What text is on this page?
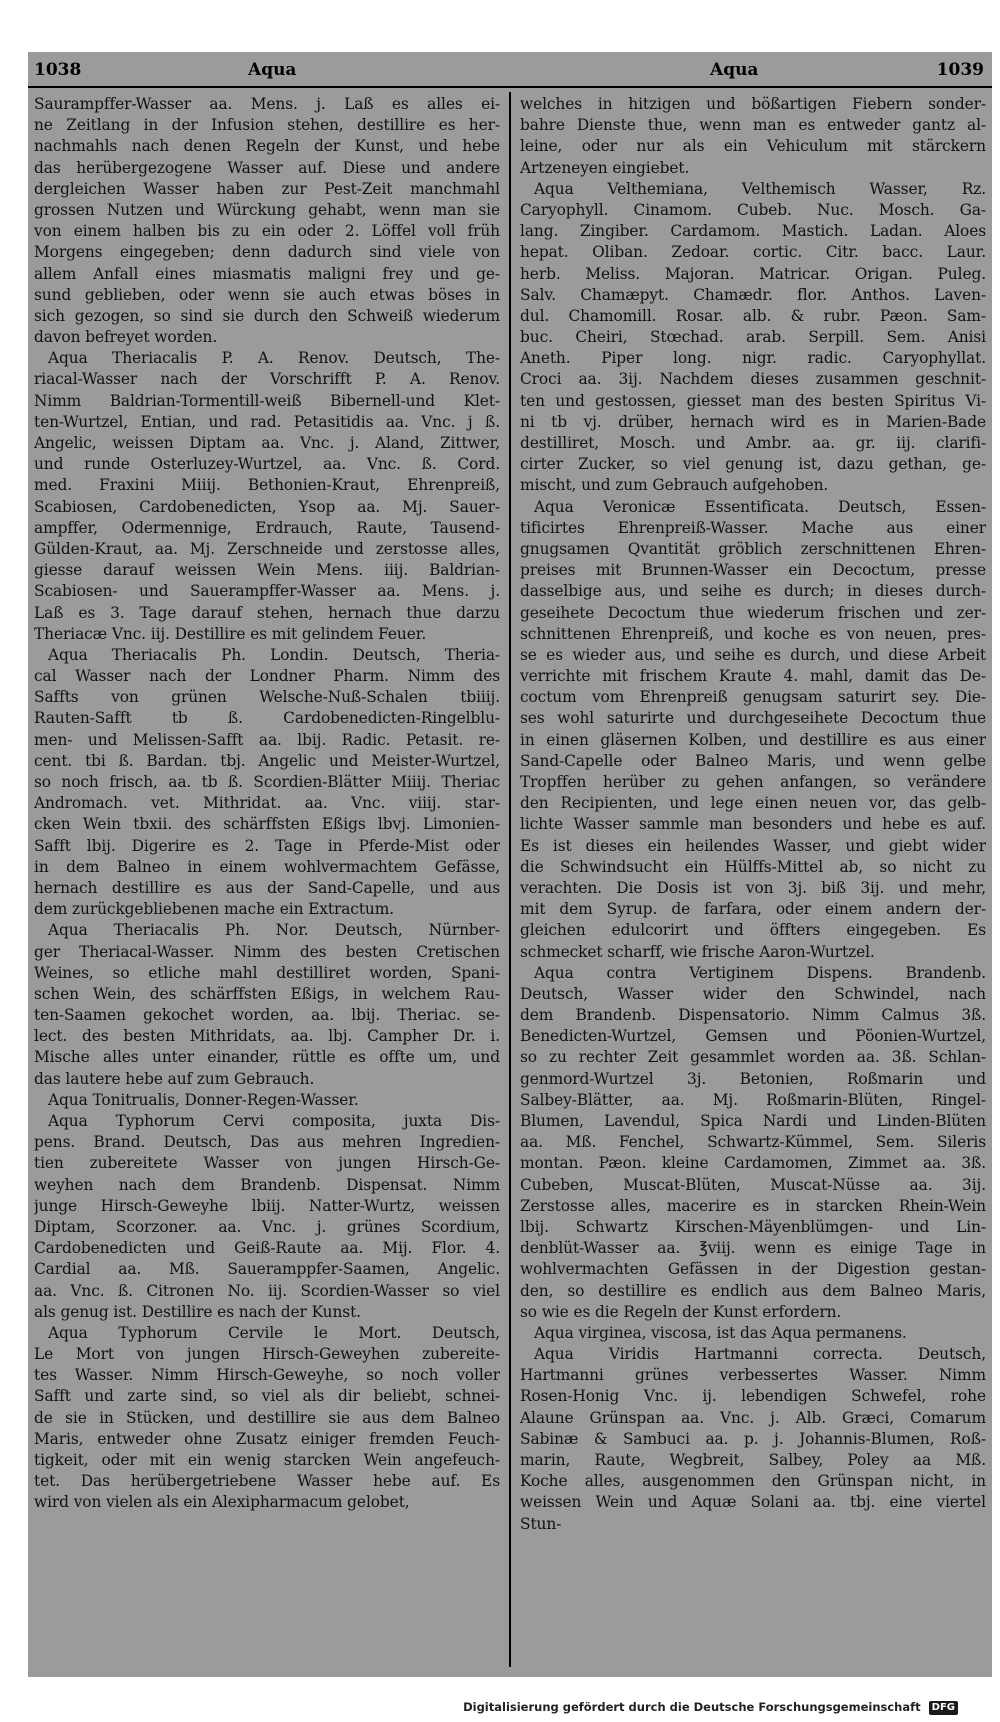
1038	Aqua	Aqua	1039
Saurampffer-Wasser aa. Mens. j. Laß es alles ei-
ne Zeitlang in der Infusion stehen, destillire es her-
nachmahls nach denen Regeln der Kunst, und hebe
das herübergezogene Wasser auf. Diese und andere
dergleichen Wasser haben zur Pest-Zeit manchmahl
grossen Nutzen und Würckung gehabt, wenn man sie
von einem halben bis zu ein oder 2. Löffel voll früh
Morgens eingegeben; denn dadurch sind viele von
allem Anfall eines miasmatis maligni frey und ge-
sund geblieben, oder wenn sie auch etwas böses in
sich gezogen, so sind sie durch den Schweiß wiederum
davon befreyet worden.
Aqua Theriacalis P. A. Renov. Deutsch, The-
riacal-Wasser nach der Vorschrifft P. A. Renov.
Nimm Baldrian-Tormentill-weiß Bibernell-und Klet-
ten-Wurtzel, Entian, und rad. Petasitidis aa. Vnc. j ß.
Angelic, weissen Diptam aa. Vnc. j. Aland, Zittwer,
und runde Osterluzey-Wurtzel, aa. Vnc. ß. Cord.
med. Fraxini Miiij. Bethonien-Kraut, Ehrenpreiß,
Scabiosen, Cardobenedicten, Ysop aa. Mj. Sauer-
ampffer, Odermennige, Erdrauch, Raute, Tausend-
Gülden-Kraut, aa. Mj. Zerschneide und zerstosse alles,
giesse darauf weissen Wein Mens. iiij. Baldrian-
Scabiosen- und Sauerampffer-Wasser aa. Mens. j.
Laß es 3. Tage darauf stehen, hernach thue darzu
Theriacæ Vnc. iij. Destillire es mit gelindem Feuer.
Aqua Theriacalis Ph. Londin. Deutsch, Theria-
cal Wasser nach der Londner Pharm. Nimm des
Saffts von grünen Welsche-Nuß-Schalen tbiiij.
Rauten-Safft tb ß. Cardobenedicten-Ringelblu-
men- und Melissen-Safft aa. lbij. Radic. Petasit. re-
cent. tbi ß. Bardan. tbj. Angelic und Meister-Wurtzel,
so noch frisch, aa. tb ß. Scordien-Blätter Miiij. Theriac
Andromach. vet. Mithridat. aa. Vnc. viiij. star-
cken Wein tbxii. des schärffsten Eßigs lbvj. Limonien-
Safft lbij. Digerire es 2. Tage in Pferde-Mist oder
in dem Balneo in einem wohlvermachtem Gefässe,
hernach destillire es aus der Sand-Capelle, und aus
dem zurückgebliebenen mache ein Extractum.
Aqua Theriacalis Ph. Nor. Deutsch, Nürnber-
ger Theriacal-Wasser. Nimm des besten Cretischen
Weines, so etliche mahl destilliret worden, Spani-
schen Wein, des schärffsten Eßigs, in welchem Rau-
ten-Saamen gekochet worden, aa. lbij. Theriac. se-
lect. des besten Mithridats, aa. lbj. Campher Dr. i.
Mische alles unter einander, rüttle es offte um, und
das lautere hebe auf zum Gebrauch.
Aqua Tonitrualis, Donner-Regen-Wasser.
Aqua Typhorum Cervi composita, juxta Dis-
pens. Brand. Deutsch, Das aus mehren Ingredien-
tien zubereitete Wasser von jungen Hirsch-Ge-
weyhen nach dem Brandenb. Dispensat. Nimm
junge Hirsch-Geweyhe lbiij. Natter-Wurtz, weissen
Diptam, Scorzoner. aa. Vnc. j. grünes Scordium,
Cardobenedicten und Geiß-Raute aa. Mij. Flor. 4.
Cardial aa. Mß. Saueramppfer-Saamen, Angelic.
aa. Vnc. ß. Citronen No. iij. Scordien-Wasser so viel
als genug ist. Destillire es nach der Kunst.
Aqua Typhorum Cervile le Mort. Deutsch,
Le Mort von jungen Hirsch-Geweyhen zubereite-
tes Wasser. Nimm Hirsch-Geweyhe, so noch voller
Safft und zarte sind, so viel als dir beliebt, schnei-
de sie in Stücken, und destillire sie aus dem Balneo
Maris, entweder ohne Zusatz einiger fremden Feuch-
tigkeit, oder mit ein wenig starcken Wein angefeuch-
tet. Das herübergetriebene Wasser hebe auf. Es
wird von vielen als ein Alexipharmacum gelobet,
welches in hitzigen und bößartigen Fiebern sonder-
bahre Dienste thue, wenn man es entweder gantz al-
leine, oder nur als ein Vehiculum mit stärckern
Artzeneyen eingiebet.
Aqua Velthemiana, Velthemisch Wasser, Rz.
Caryophyll. Cinamom. Cubeb. Nuc. Mosch. Ga-
lang. Zingiber. Cardamom. Mastich. Ladan. Aloes
hepat. Oliban. Zedoar. cortic. Citr. bacc. Laur.
herb. Meliss. Majoran. Matricar. Origan. Puleg.
Salv. Chamæpyt. Chamædr. flor. Anthos. Laven-
dul. Chamomill. Rosar. alb. & rubr. Pæon. Sam-
buc. Cheiri, Stœchad. arab. Serpill. Sem. Anisi
Aneth. Piper long. nigr. radic. Caryophyllat.
Croci aa. 3ij. Nachdem dieses zusammen geschnit-
ten und gestossen, giesset man des besten Spiritus Vi-
ni tb vj. drüber, hernach wird es in Marien-Bade
destilliret, Mosch. und Ambr. aa. gr. iij. clarifi-
cirter Zucker, so viel genung ist, dazu gethan, ge-
mischt, und zum Gebrauch aufgehoben.
Aqua Veronicæ Essentificata. Deutsch, Essen-
tificirtes Ehrenpreiß-Wasser. Mache aus einer
gnugsamen Qvantität gröblich zerschnittenen Ehren-
preises mit Brunnen-Wasser ein Decoctum, presse
dasselbige aus, und seihe es durch; in dieses durch-
geseihete Decoctum thue wiederum frischen und zer-
schnittenen Ehrenpreiß, und koche es von neuen, pres-
se es wieder aus, und seihe es durch, und diese Arbeit
verrichte mit frischem Kraute 4. mahl, damit das De-
coctum vom Ehrenpreiß genugsam saturirt sey. Die-
ses wohl saturirte und durchgeseihete Decoctum thue
in einen gläsernen Kolben, und destillire es aus einer
Sand-Capelle oder Balneo Maris, und wenn gelbe
Tropffen herüber zu gehen anfangen, so verändere
den Recipienten, und lege einen neuen vor, das gelb-
lichte Wasser sammle man besonders und hebe es auf.
Es ist dieses ein heilendes Wasser, und giebt wider
die Schwindsucht ein Hülffs-Mittel ab, so nicht zu
verachten. Die Dosis ist von 3j. biß 3ij. und mehr,
mit dem Syrup. de farfara, oder einem andern der-
gleichen edulcorirt und öffters eingegeben. Es
schmecket scharff, wie frische Aaron-Wurtzel.
Aqua contra Vertiginem Dispens. Brandenb.
Deutsch, Wasser wider den Schwindel, nach
dem Brandenb. Dispensatorio. Nimm Calmus 3ß.
Benedicten-Wurtzel, Gemsen und Pöonien-Wurtzel,
so zu rechter Zeit gesammlet worden aa. 3ß. Schlan-
genmord-Wurtzel 3j. Betonien, Roßmarin und
Salbey-Blätter, aa. Mj. Roßmarin-Blüten, Ringel-
Blumen, Lavendul, Spica Nardi und Linden-Blüten
aa. Mß. Fenchel, Schwartz-Kümmel, Sem. Sileris
montan. Pæon. kleine Cardamomen, Zimmet aa. 3ß.
Cubeben, Muscat-Blüten, Muscat-Nüsse aa. 3ij.
Zerstosse alles, macerire es in starcken Rhein-Wein
lbij. Schwartz Kirschen-Mäyenblümgen- und Lin-
denblüt-Wasser aa. ℥viij. wenn es einige Tage in
wohlvermachten Gefässen in der Digestion gestan-
den, so destillire es endlich aus dem Balneo Maris,
so wie es die Regeln der Kunst erfordern.
Aqua virginea, viscosa, ist das Aqua permanens.
Aqua Viridis Hartmanni correcta. Deutsch,
Hartmanni grünes verbessertes Wasser. Nimm
Rosen-Honig Vnc. ij. lebendigen Schwefel, rohe
Alaune Grünspan aa. Vnc. j. Alb. Græci, Comarum
Sabinæ & Sambuci aa. p. j. Johannis-Blumen, Roß-
marin, Raute, Wegbreit, Salbey, Poley aa Mß.
Koche alles, ausgenommen den Grünspan nicht, in
weissen Wein und Aquæ Solani aa. tbj. eine viertel
Stun-
Digitalisierung gefördert durch die Deutsche Forschungsgemeinschaft DFG
